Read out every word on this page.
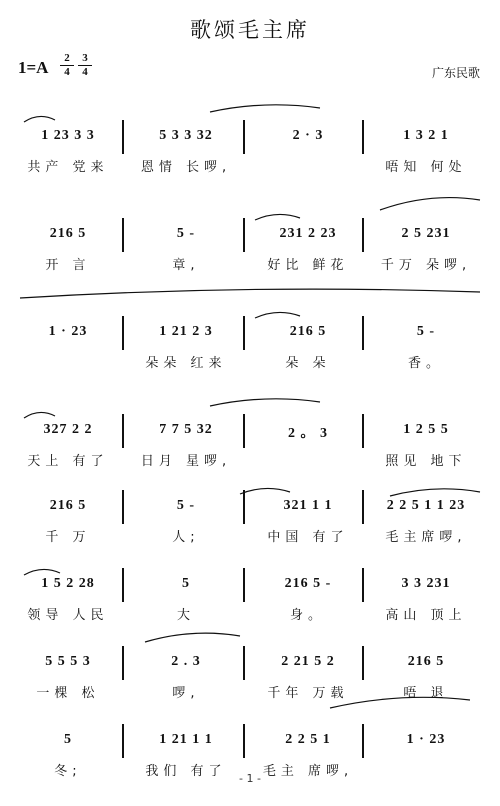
歌颂毛主席
$1=A \frac{2}{4} \frac{3}{4}$	广东民歌
1 23 3 3
共产 党来
5 3 3 32
恩情 长啰,
2 · 3	1 3 2 1
唔知 何处
216 5
开 言
5 -
章,
231 2 23
好比 鲜花
2 5 231
千万 朵啰,
1 · 23	1 21 2 3
朵朵 红来
216 5
朵 朵
5 -
香。
327 2 2
天上 有了
7 7 5 32
日月 星啰,
2 。 3	1 2 5 5
照见 地下
216 5
千 万
5 -
人;
321 1 1
中国 有了
2 2 5 1 1 23
毛主席啰,
1 5 2 28
领导 人民
5
大
216 5 -
身。
3 3 231
高山 顶上
5 5 5 3
一棵 松
2 . 3
啰,
2 21 5 2
千年 万载
216 5
唔 退
5
冬;
1 21 1 1
我们 有了
2 2 5 1
毛主 席啰,
1 · 23
- 1 -
